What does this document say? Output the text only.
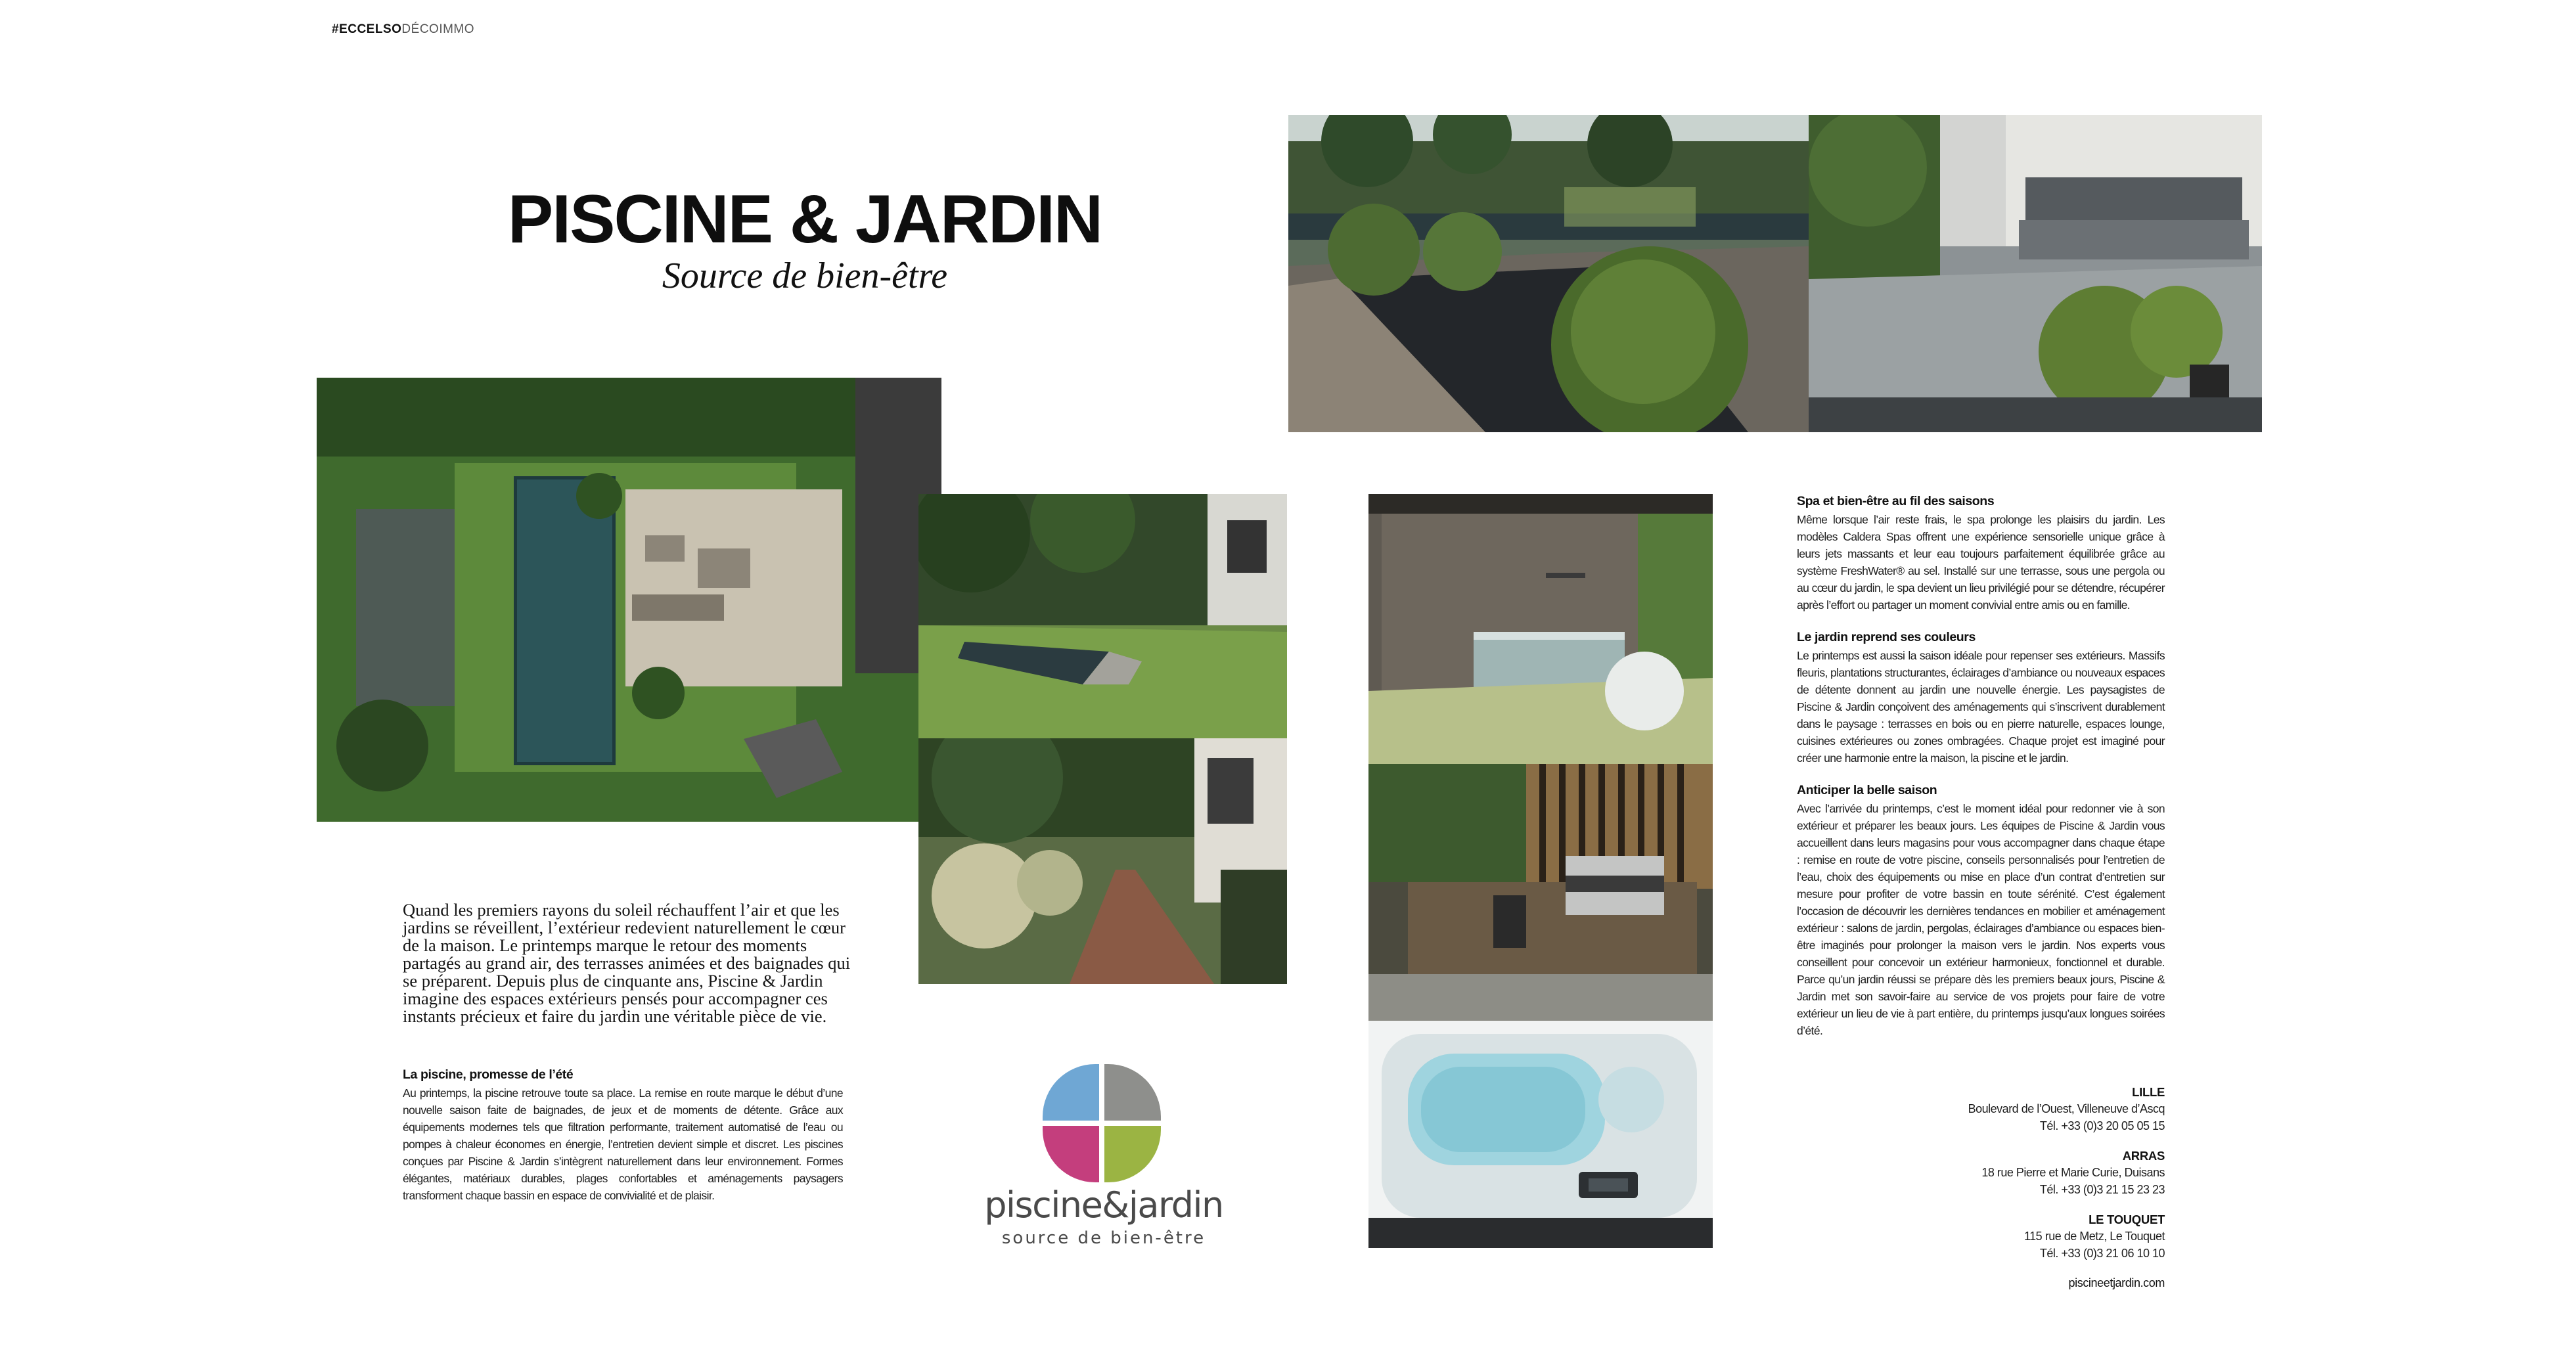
#ECCELSODÉCOIMMO
PISCINE & JARDIN
Source de bien-être
Quand les premiers rayons du soleil réchauffent l’air et que les jardins se réveillent, l’extérieur redevient naturellement le cœur de la maison. Le printemps marque le retour des moments partagés au grand air, des terrasses animées et des baignades qui se préparent. Depuis plus de cinquante ans, Piscine & Jardin imagine des espaces extérieurs pensés pour accompagner ces instants précieux et faire du jardin une véritable pièce de vie.
La piscine, promesse de l’été

Au printemps, la piscine retrouve toute sa place. La remise en route marque le début d’une nouvelle saison faite de baignades, de jeux et de moments de détente. Grâce aux équipements modernes tels que filtration performante, traitement automatisé de l’eau ou pompes à chaleur économes en énergie, l’entretien devient simple et discret. Les piscines conçues par Piscine & Jardin s’intègrent naturellement dans leur environnement. Formes élégantes, matériaux durables, plages confortables et aménagements paysagers transforment chaque bassin en espace de convivialité et de plaisir.	piscine&jardin
source de bien-être
Spa et bien-être au fil des saisons

Même lorsque l’air reste frais, le spa prolonge les plaisirs du jardin. Les modèles Caldera Spas offrent une expérience sensorielle unique grâce à leurs jets massants et leur eau toujours parfaitement équilibrée grâce au système FreshWater® au sel. Installé sur une terrasse, sous une pergola ou au cœur du jardin, le spa devient un lieu privilégié pour se détendre, récupérer après l’effort ou partager un moment convivial entre amis ou en famille.

Le jardin reprend ses couleurs

Le printemps est aussi la saison idéale pour repenser ses extérieurs. Massifs fleuris, plantations structurantes, éclairages d’ambiance ou nouveaux espaces de détente donnent au jardin une nouvelle énergie. Les paysagistes de Piscine & Jardin conçoivent des aménagements qui s’inscrivent durablement dans le paysage : terrasses en bois ou en pierre naturelle, espaces lounge, cuisines extérieures ou zones ombragées. Chaque projet est imaginé pour créer une harmonie entre la maison, la piscine et le jardin.

Anticiper la belle saison

Avec l’arrivée du printemps, c’est le moment idéal pour redonner vie à son extérieur et préparer les beaux jours. Les équipes de Piscine & Jardin vous accueillent dans leurs magasins pour vous accompagner dans chaque étape : remise en route de votre piscine, conseils personnalisés pour l’entretien de l’eau, choix des équipements ou mise en place d’un contrat d’entretien sur mesure pour profiter de votre bassin en toute sérénité. C’est également l’occasion de découvrir les dernières tendances en mobilier et aménagement extérieur : salons de jardin, pergolas, éclairages d’ambiance ou espaces bien-être imaginés pour prolonger la maison vers le jardin. Nos experts vous conseillent pour concevoir un extérieur harmonieux, fonctionnel et durable. Parce qu’un jardin réussi se prépare dès les premiers beaux jours, Piscine & Jardin met son savoir-faire au service de vos projets pour faire de votre extérieur un lieu de vie à part entière, du printemps jusqu’aux longues soirées d’été.

LILLE
Boulevard de l’Ouest, Villeneuve d’Ascq
Tél. +33 (0)3 20 05 05 15
ARRAS
18 rue Pierre et Marie Curie, Duisans
Tél. +33 (0)3 21 15 23 23
LE TOUQUET
115 rue de Metz, Le Touquet
Tél. +33 (0)3 21 06 10 10
piscineetjardin.com
